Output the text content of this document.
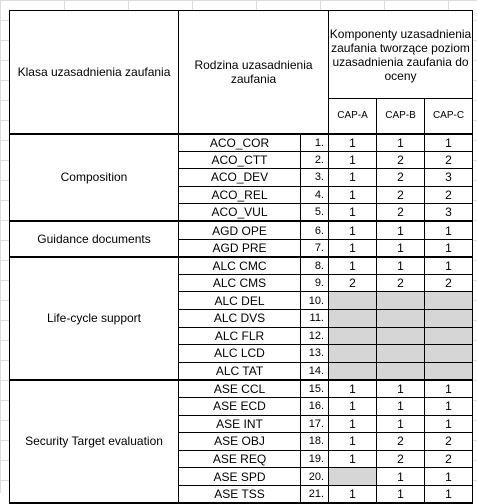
Klasa uzasadnienia zaufania	Rodzina uzasadnienia zaufania		Komponenty uzasadnienia zaufania tworzące poziom uzasadnienia zaufania do oceny		
			CAP-A	CAP-B	CAP-C
Composition	ACO_COR	1.	1	1	1
	ACO_CTT	2.	1	2	2
	ACO_DEV	3.	1	2	3
	ACO_REL	4.	1	2	2
	ACO_VUL	5.	1	2	3
Guidance documents	AGD OPE	6.	1	1	1
	AGD PRE	7.	1	1	1
Life-cycle support	ALC CMC	8.	1	1	1
	ALC CMS	9.	2	2	2
	ALC DEL	10.			
	ALC DVS	11.			
	ALC FLR	12.			
	ALC LCD	13.			
	ALC TAT	14.			
Security Target evaluation	ASE CCL	15.	1	1	1
	ASE ECD	16.	1	1	1
	ASE INT	17.	1	1	1
	ASE OBJ	18.	1	2	2
	ASE REQ	19.	1	2	2
	ASE SPD	20.		1	1
	ASE TSS	21.	1	1	1
